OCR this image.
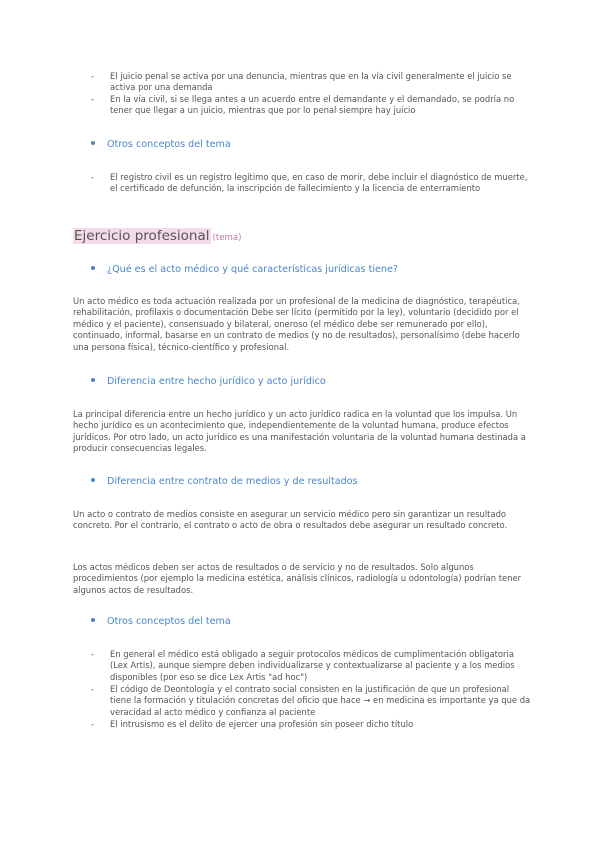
- El juicio penal se activa por una denuncia, mientras que en la vía civil generalmente el juicio se activa por una demanda
- En la vía civil, si se llega antes a un acuerdo entre el demandante y el demandado, se podría no tener que llegar a un juicio, mientras que por lo penal siempre hay juicio
Otros conceptos del tema
- El registro civil es un registro legítimo que, en caso de morir, debe incluir el diagnóstico de muerte, el certificado de defunción, la inscripción de fallecimiento y la licencia de enterramiento
Ejercicio profesional (tema)
¿Qué es el acto médico y qué características jurídicas tiene?

Un acto médico es toda actuación realizada por un profesional de la medicina de diagnóstico, terapéutica, rehabilitación, profilaxis o documentación Debe ser lícito (permitido por la ley), voluntario (decidido por el médico y el paciente), consensuado y bilateral, oneroso (el médico debe ser remunerado por ello), continuado, informal, basarse en un contrato de medios (y no de resultados), personalísimo (debe hacerlo una persona física), técnico-científico y profesional.

Diferencia entre hecho jurídico y acto jurídico

La principal diferencia entre un hecho jurídico y un acto jurídico radica en la voluntad que los impulsa. Un hecho jurídico es un acontecimiento que, independientemente de la voluntad humana, produce efectos jurídicos. Por otro lado, un acto jurídico es una manifestación voluntaria de la voluntad humana destinada a producir consecuencias legales.

Diferencia entre contrato de medios y de resultados

Un acto o contrato de medios consiste en asegurar un servicio médico pero sin garantizar un resultado concreto. Por el contrario, el contrato o acto de obra o resultados debe asegurar un resultado concreto.

Los actos médicos deben ser actos de resultados o de servicio y no de resultados. Solo algunos procedimientos (por ejemplo la medicina estética, análisis clínicos, radiología u odontología) podrían tener algunos actos de resultados.

Otros conceptos del tema
- En general el médico está obligado a seguir protocolos médicos de cumplimentación obligatoria (Lex Artis), aunque siempre deben individualizarse y contextualizarse al paciente y a los medios disponibles (por eso se dice Lex Artis "ad hoc")
- El código de Deontología y el contrato social consisten en la justificación de que un profesional tiene la formación y titulación concretas del oficio que hace → en medicina es importante ya que da veracidad al acto médico y confianza al paciente
- El intrusismo es el delito de ejercer una profesión sin poseer dicho título
